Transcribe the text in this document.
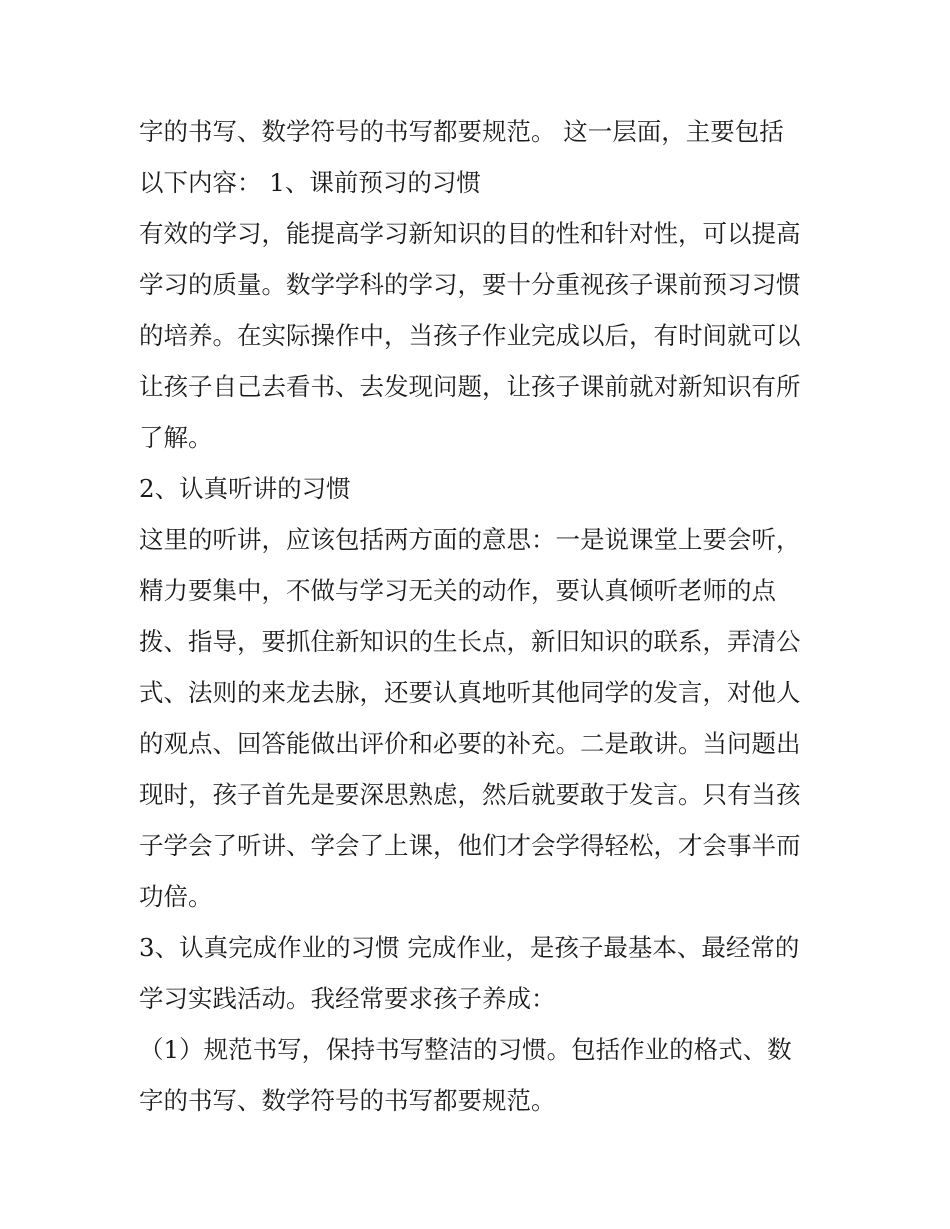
字的书写、数学符号的书写都要规范。 这一层面，主要包括
以下内容： 1、课前预习的习惯
有效的学习，能提高学习新知识的目的性和针对性，可以提高
学习的质量。数学学科的学习，要十分重视孩子课前预习习惯
的培养。在实际操作中，当孩子作业完成以后，有时间就可以
让孩子自己去看书、去发现问题，让孩子课前就对新知识有所
了解。
2、认真听讲的习惯
这里的听讲，应该包括两方面的意思：一是说课堂上要会听，
精力要集中，不做与学习无关的动作，要认真倾听老师的点
拨、指导，要抓住新知识的生长点，新旧知识的联系，弄清公
式、法则的来龙去脉，还要认真地听其他同学的发言，对他人
的观点、回答能做出评价和必要的补充。二是敢讲。当问题出
现时，孩子首先是要深思熟虑，然后就要敢于发言。只有当孩
子学会了听讲、学会了上课，他们才会学得轻松，才会事半而
功倍。
3、认真完成作业的习惯 完成作业，是孩子最基本、最经常的
学习实践活动。我经常要求孩子养成：
（1）规范书写，保持书写整洁的习惯。包括作业的格式、数
字的书写、数学符号的书写都要规范。
